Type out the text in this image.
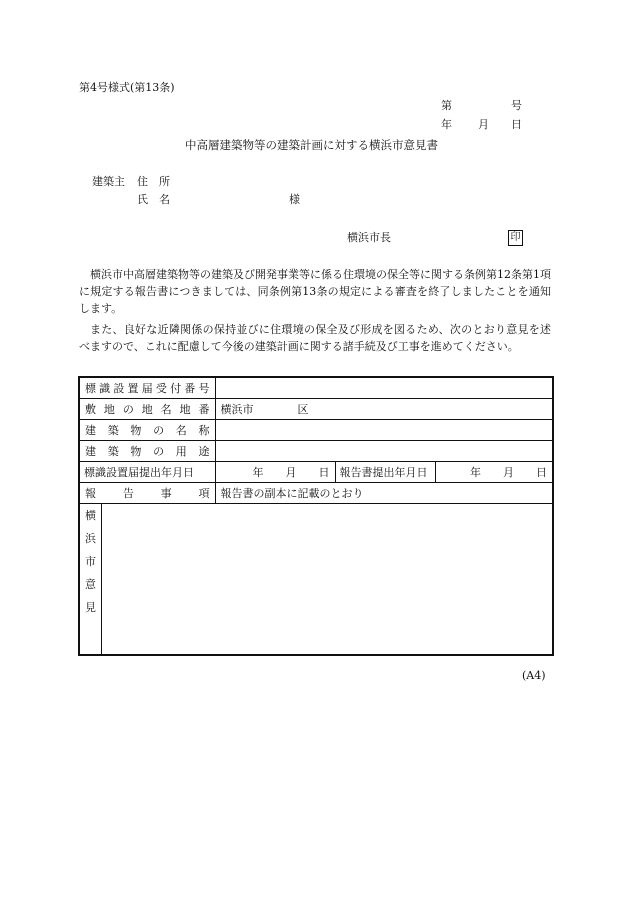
第4号様式(第13条)
第	号
年 月 日
中高層建築物等の建築計画に対する横浜市意見書
建築主 住　所
氏　名	様
横浜市長	印

横浜市中高層建築物等の建築及び開発事業等に係る住環境の保全等に関する条例第12条第1項に規定する報告書につきましては、同条例第13条の規定による審査を終了しましたことを通知します。

また、良好な近隣関係の保持並びに住環境の保全及び形成を図るため、次のとおり意見を述べますので、これに配慮して今後の建築計画に関する諸手続及び工事を進めてください。

標識設置届受付番号				
敷地の地名地番		横浜市　　　　区		
建築物の名称				
建築物の用途				
標識設置届提出年月日		年　　月　　日	報告書提出年月日	年　　月　　日
報告事項		報告書の副本に記載のとおり		

横
浜
市
意
見				

(A4)
